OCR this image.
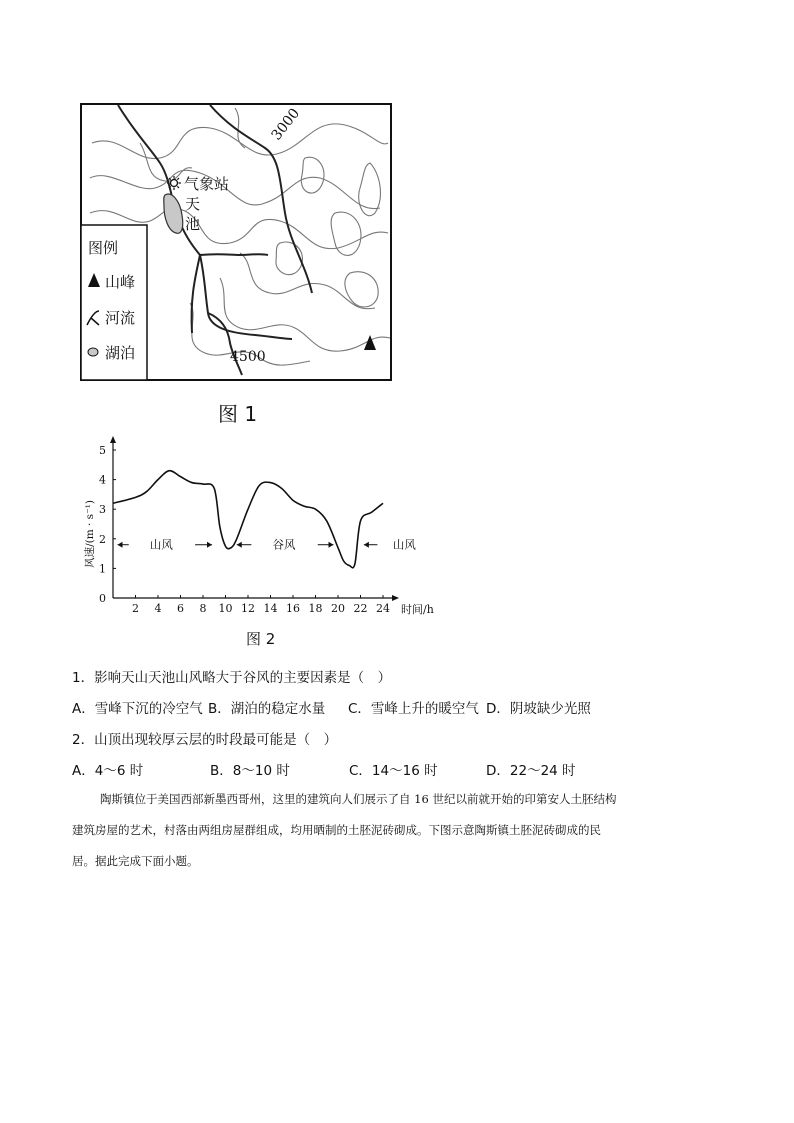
气象站
天
池
3000
4500
图例
山峰
河流
湖泊
图 1
2 4 6 8 10 12 14 16 18 20 22 24
0
1
2
3
4
5
山风	谷风	山风
风速/(m · s⁻¹)
时间/h
图 2
1．影响天山天池山风略大于谷风的主要因素是（　）
A．雪峰下沉的冷空气 B．湖泊的稳定水量 C．雪峰上升的暖空气 D．阴坡缺少光照
2．山顶出现较厚云层的时段最可能是（　）
A．4～6 时	B．8～10 时	C．14～16 时	D．22～24 时
陶斯镇位于美国西部新墨西哥州，这里的建筑向人们展示了自 16 世纪以前就开始的印第安人土胚结构
建筑房屋的艺术，村落由两组房屋群组成，均用晒制的土胚泥砖砌成。下图示意陶斯镇土胚泥砖砌成的民
居。据此完成下面小题。
